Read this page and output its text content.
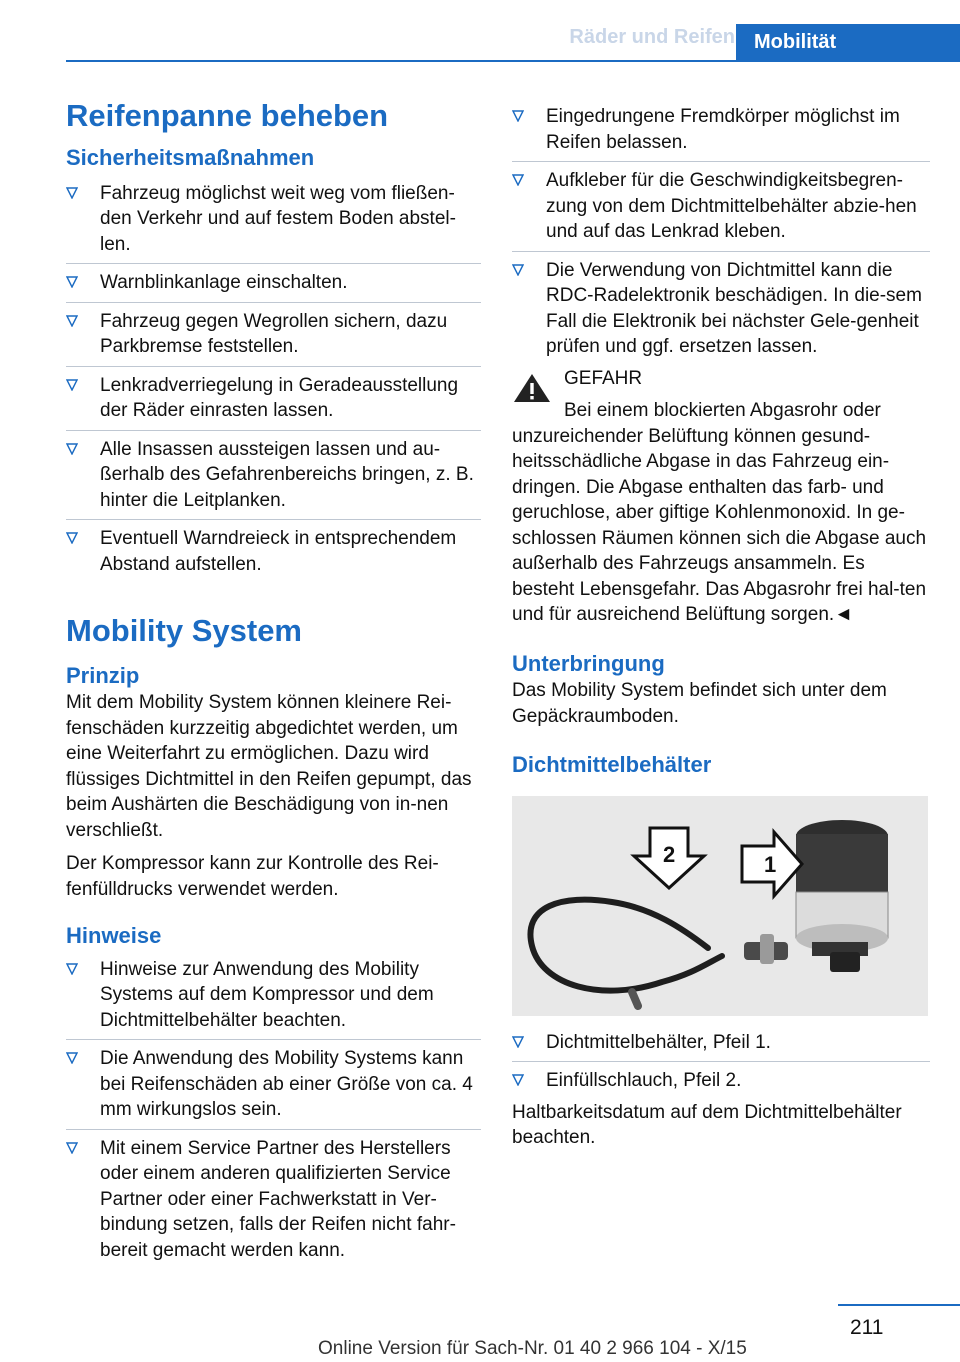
Räder und Reifen Mobilität
Reifenpanne beheben
Sicherheitsmaßnahmen
Fahrzeug möglichst weit weg vom fließen-den Verkehr und auf festem Boden abstel-len.
Warnblinkanlage einschalten.
Fahrzeug gegen Wegrollen sichern, dazu Parkbremse feststellen.
Lenkradverriegelung in Geradeausstellung der Räder einrasten lassen.
Alle Insassen aussteigen lassen und au-ßerhalb des Gefahrenbereichs bringen, z. B. hinter die Leitplanken.
Eventuell Warndreieck in entsprechendem Abstand aufstellen.
Mobility System
Prinzip

Mit dem Mobility System können kleinere Rei-fenschäden kurzzeitig abgedichtet werden, um eine Weiterfahrt zu ermöglichen. Dazu wird flüssiges Dichtmittel in den Reifen gepumpt, das beim Aushärten die Beschädigung von in-nen verschließt.

Der Kompressor kann zur Kontrolle des Rei-fenfülldrucks verwendet werden.

Hinweise
Hinweise zur Anwendung des Mobility Systems auf dem Kompressor und dem Dichtmittelbehälter beachten.
Die Anwendung des Mobility Systems kann bei Reifenschäden ab einer Größe von ca. 4 mm wirkungslos sein.
Mit einem Service Partner des Herstellers oder einem anderen qualifizierten Service Partner oder einer Fachwerkstatt in Ver-bindung setzen, falls der Reifen nicht fahr-bereit gemacht werden kann.
Eingedrungene Fremdkörper möglichst im Reifen belassen.
Aufkleber für die Geschwindigkeitsbegren-zung von dem Dichtmittelbehälter abzie-hen und auf das Lenkrad kleben.
Die Verwendung von Dichtmittel kann die RDC-Radelektronik beschädigen. In die-sem Fall die Elektronik bei nächster Gele-genheit prüfen und ggf. ersetzen lassen.
GEFAHR

Bei einem blockierten Abgasrohr oder unzureichender Belüftung können gesund-heitsschädliche Abgase in das Fahrzeug ein-dringen. Die Abgase enthalten das farb- und geruchlose, aber giftige Kohlenmonoxid. In ge-schlossen Räumen können sich die Abgase auch außerhalb des Fahrzeugs ansammeln. Es besteht Lebensgefahr. Das Abgasrohr frei hal-ten und für ausreichend Belüftung sorgen.◄

Unterbringung

Das Mobility System befindet sich unter dem Gepäckraumboden.

Dichtmittelbehälter
2	1
Dichtmittelbehälter, Pfeil 1.
Einfüllschlauch, Pfeil 2.

Haltbarkeitsdatum auf dem Dichtmittelbehälter beachten.

211
Online Version für Sach-Nr. 01 40 2 966 104 - X/15
